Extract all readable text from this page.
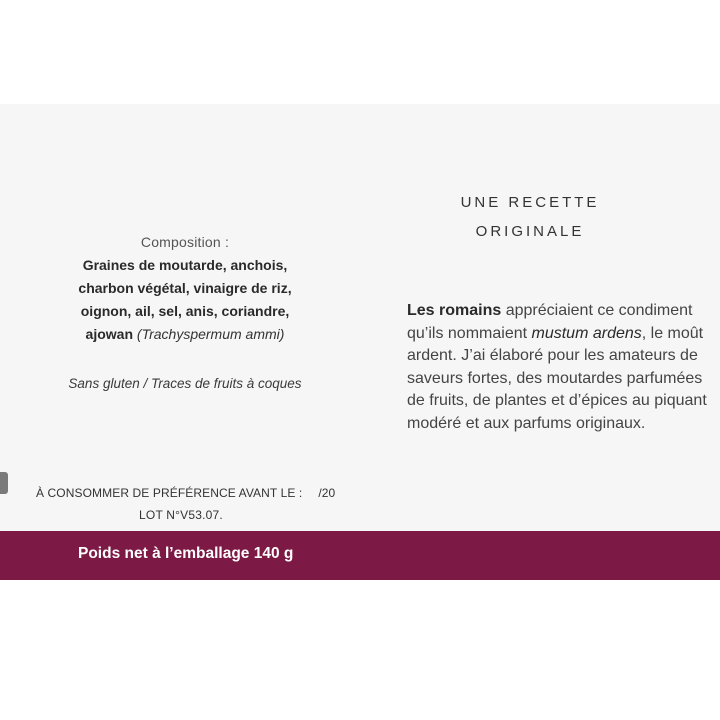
Composition :
Graines de moutarde, anchois,
charbon végétal, vinaigre de riz,
oignon, ail, sel, anis, coriandre,
ajowan (Trachyspermum ammi)
Sans gluten / Traces de fruits à coques
À CONSOMMER DE PRÉFÉRENCE AVANT LE : /20
LOT N°V53.07.
UNE RECETTE
ORIGINALE
Les romains appréciaient ce condiment qu’ils nommaient mustum ardens, le moût ardent. J’ai élaboré pour les amateurs de saveurs fortes, des moutardes parfumées de fruits, de plantes et d’épices au piquant modéré et aux parfums originaux.
Poids net à l’emballage 140 g
